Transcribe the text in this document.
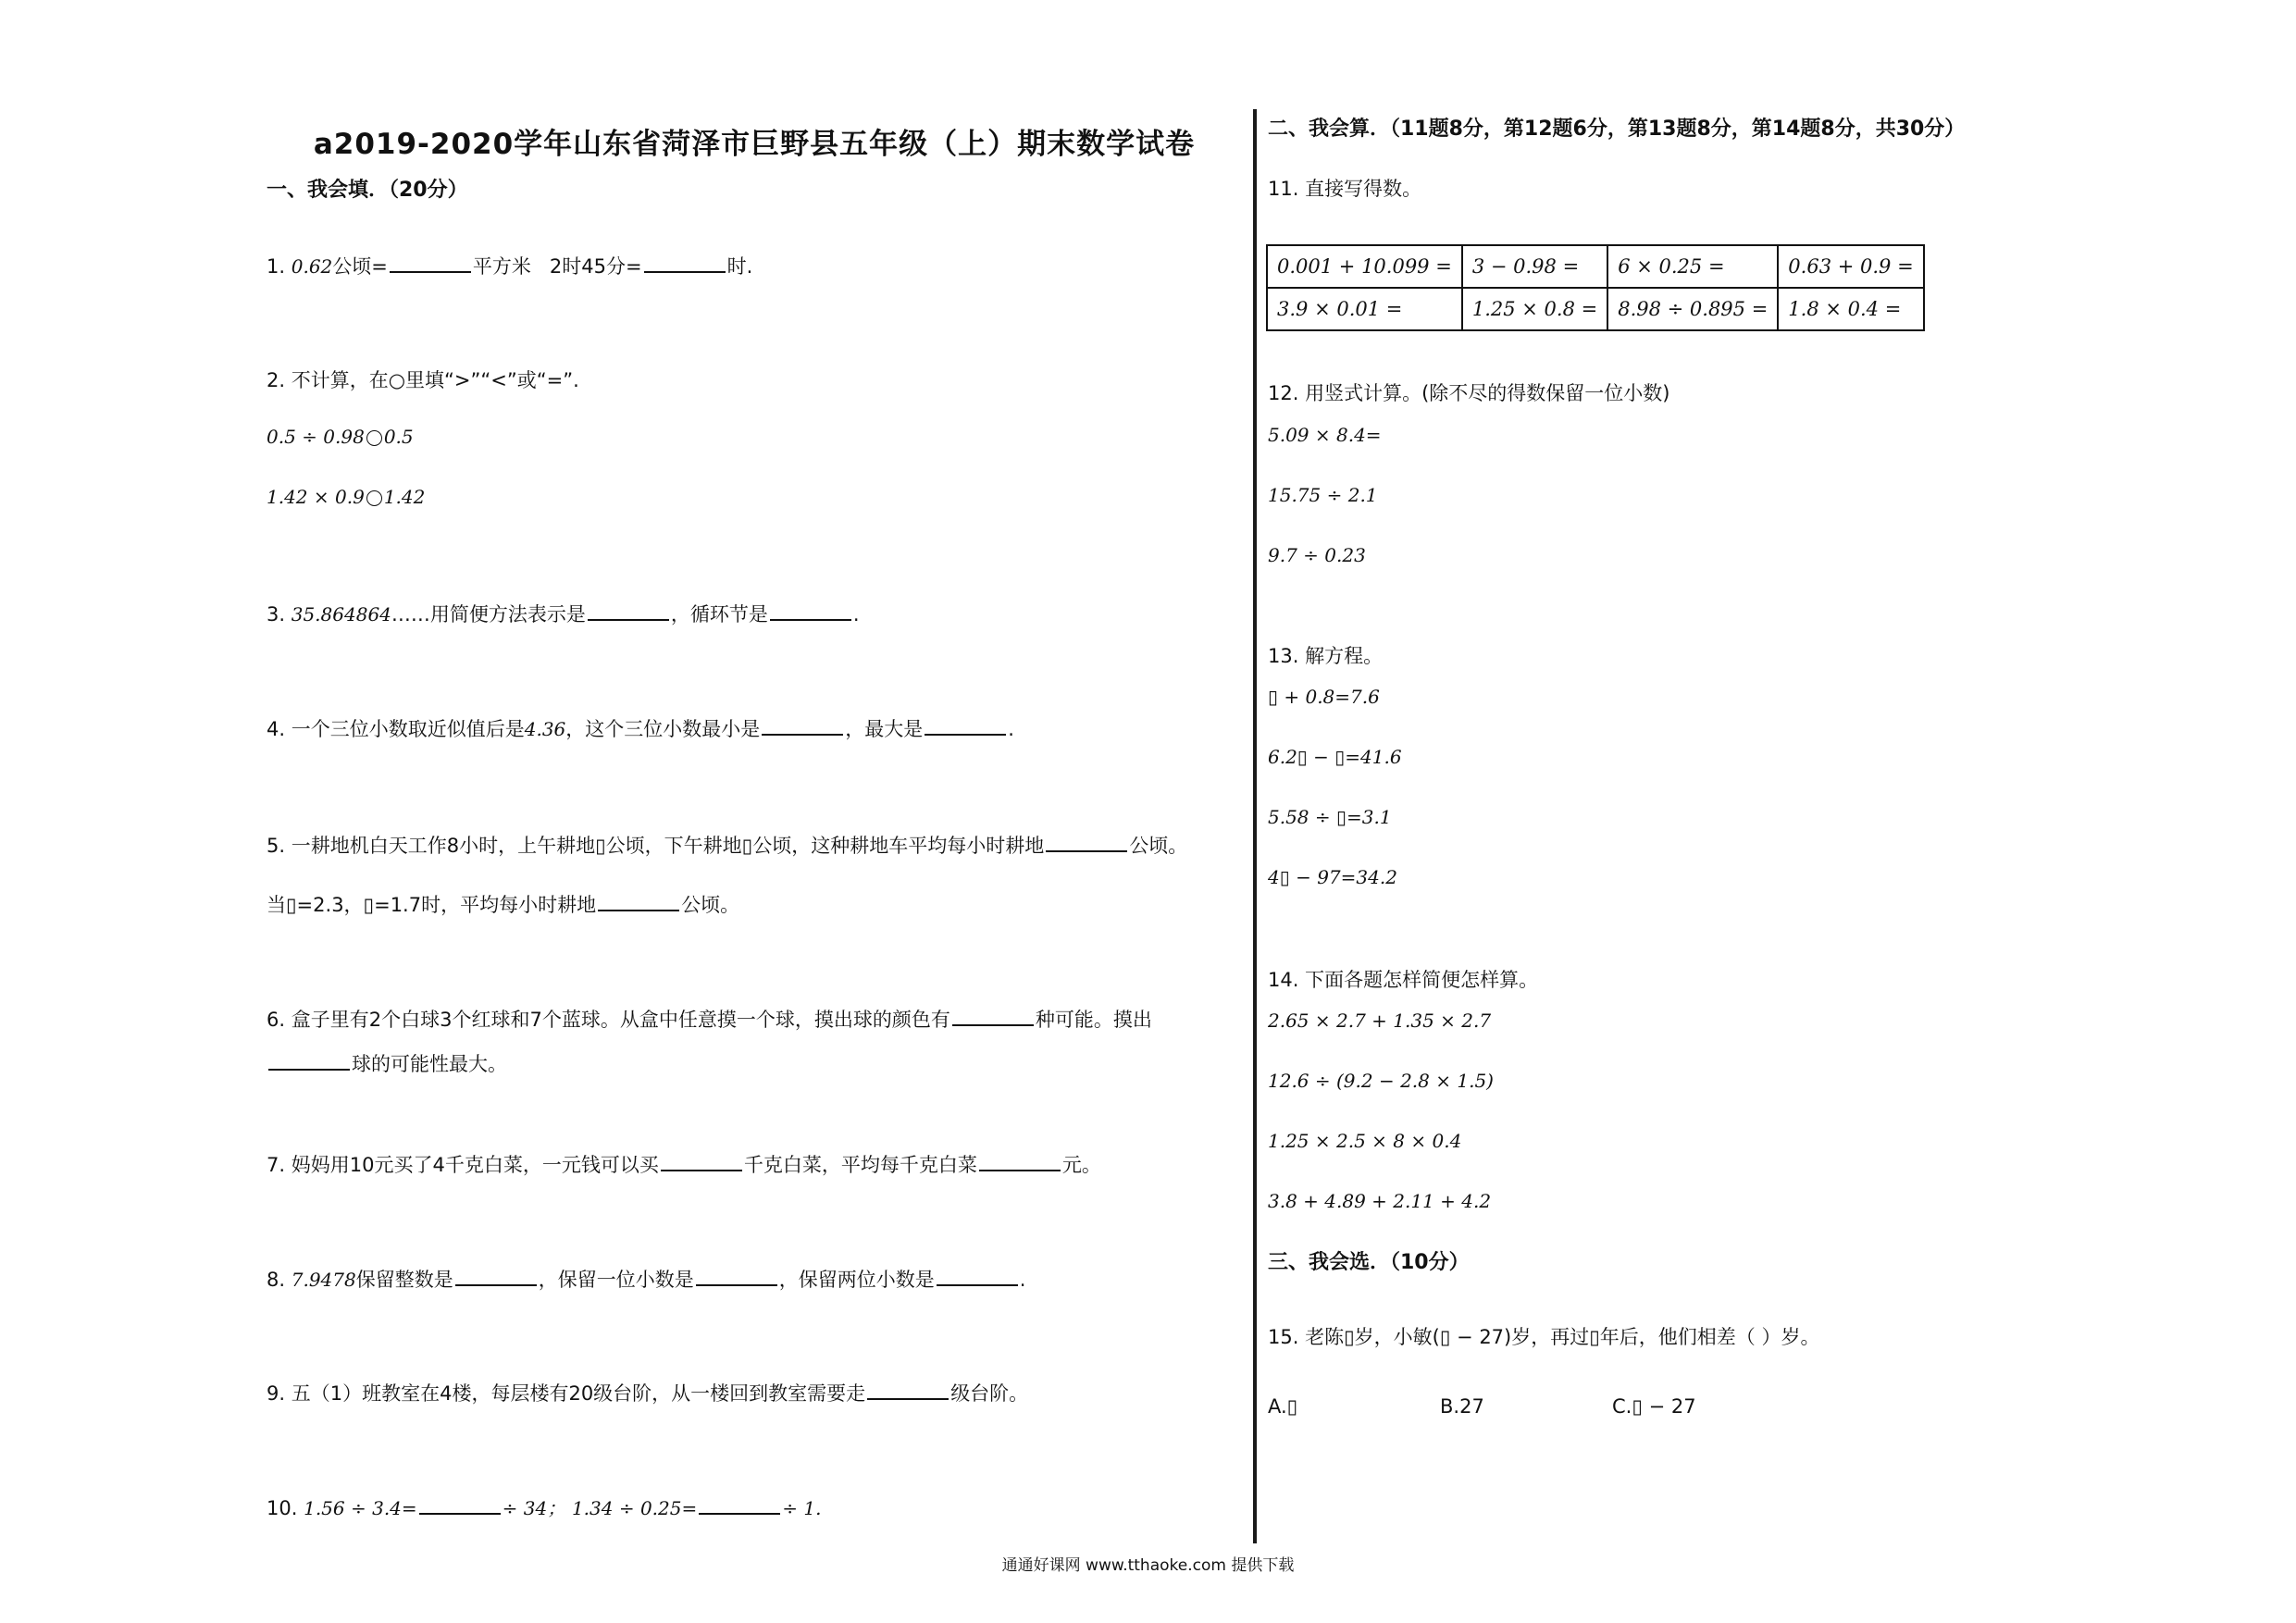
a2019-2020学年山东省菏泽市巨野县五年级（上）期末数学试卷
一、我会填．（20分）
1. 0.62公顷=	平方米 2时45分=	时.
2. 不计算，在○里填“>”“<”或“=”.
0.5 ÷ 0.98 0.5
1.42 × 0.9 1.42
3. 35.864864……用简便方法表示是	，循环节是	.
4. 一个三位小数取近似值后是4.36，这个三位小数最小是	，最大是	.
5. 一耕地机白天工作8小时，上午耕地▯公顷，下午耕地▯公顷，这种耕地车平均每小时耕地	公顷。
当▯=2.3，▯=1.7时，平均每小时耕地	公顷。
6. 盒子里有2个白球3个红球和7个蓝球。从盒中任意摸一个球，摸出球的颜色有	种可能。摸出
球的可能性最大。
7. 妈妈用10元买了4千克白菜，一元钱可以买	千克白菜，平均每千克白菜	元。
8. 7.9478保留整数是	，保留一位小数是	，保留两位小数是	.
9. 五（1）班教室在4楼，每层楼有20级台阶，从一楼回到教室需要走	级台阶。
10. 1.56 ÷ 3.4=	÷ 34； 1.34 ÷ 0.25=	÷ 1.
二、我会算．（11题8分，第12题6分，第13题8分，第14题8分，共30分）
11. 直接写得数。
0.001 + 10.099 =	3 − 0.98 =	6 × 0.25 =	0.63 + 0.9 =
3.9 × 0.01 =	1.25 × 0.8 =	8.98 ÷ 0.895 =	1.8 × 0.4 =
12. 用竖式计算。(除不尽的得数保留一位小数)
5.09 × 8.4=
15.75 ÷ 2.1
9.7 ÷ 0.23
13. 解方程。
▯ + 0.8=7.6
6.2▯ − ▯=41.6
5.58 ÷ ▯=3.1
4▯ − 97=34.2
14. 下面各题怎样简便怎样算。
2.65 × 2.7 + 1.35 × 2.7
12.6 ÷ (9.2 − 2.8 × 1.5)
1.25 × 2.5 × 8 × 0.4
3.8 + 4.89 + 2.11 + 4.2
三、我会选．（10分）
15. 老陈▯岁，小敏(▯ − 27)岁，再过▯年后，他们相差（ ）岁。
A.▯	B.27	C.▯ − 27
通通好课网 www.tthaoke.com 提供下载
